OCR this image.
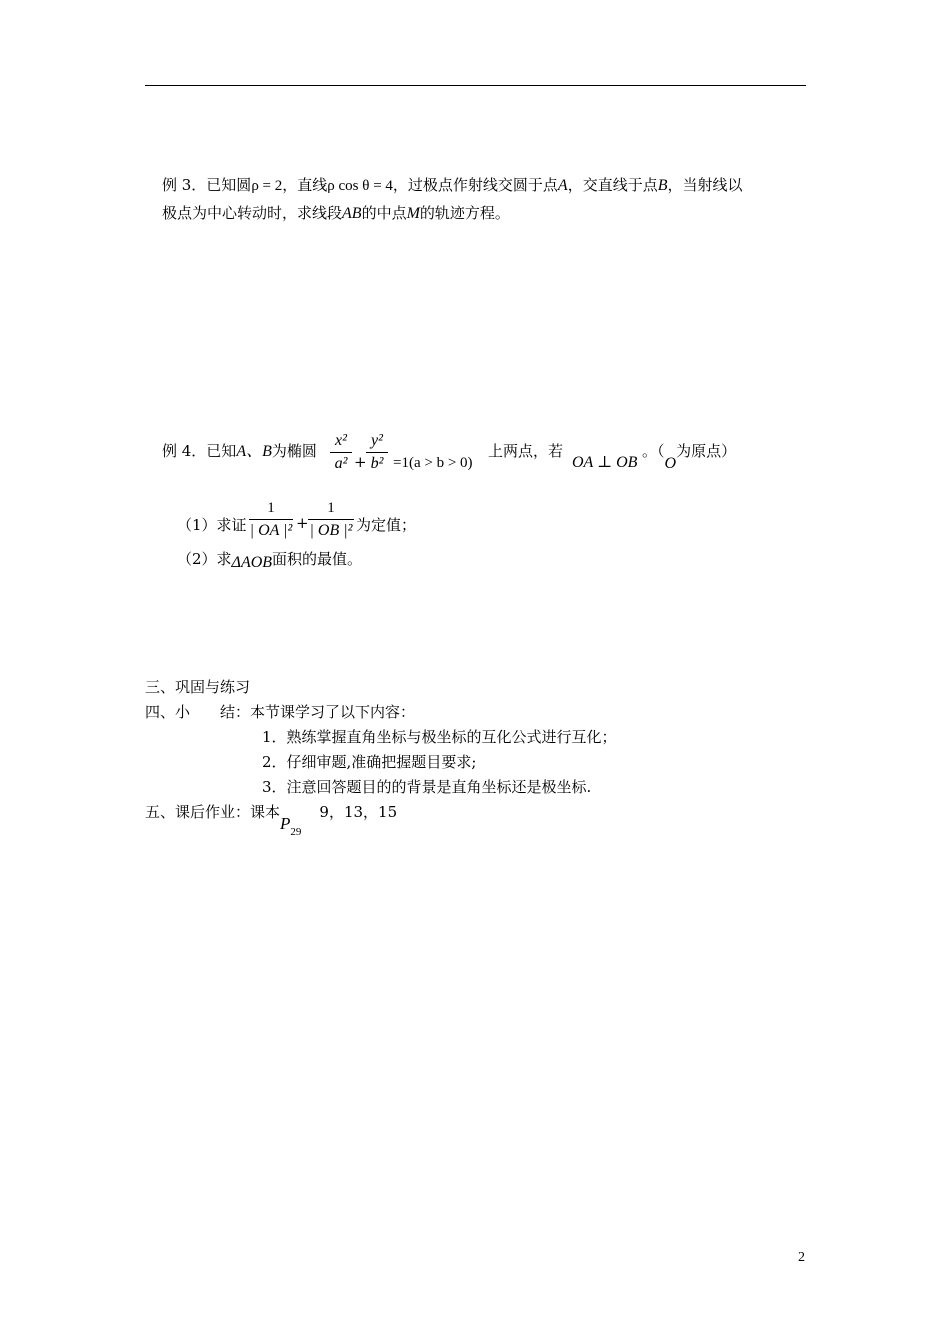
例 3．已知圆ρ = 2，直线ρ cos θ = 4，过极点作射线交圆于点A，交直线于点B，当射线以
极点为中心转动时，求线段AB的中点M的轨迹方程。
例 4．已知A、B为椭圆
x²
a² +
y²
b² =1(a > b > 0)
上两点，若
OA ⊥ OB
。（O为原点）
（1）求证
1
| OA |² +
1
| OB |² 为定值；
（2）求ΔAOB面积的最值。
三、巩固与练习
四、小　　结：本节课学习了以下内容：
1．熟练掌握直角坐标与极坐标的互化公式进行互化；
2．仔细审题,准确把握题目要求;
3．注意回答题目的的背景是直角坐标还是极坐标.
五、课后作业：课本$P_{29}9$，13，15
2
